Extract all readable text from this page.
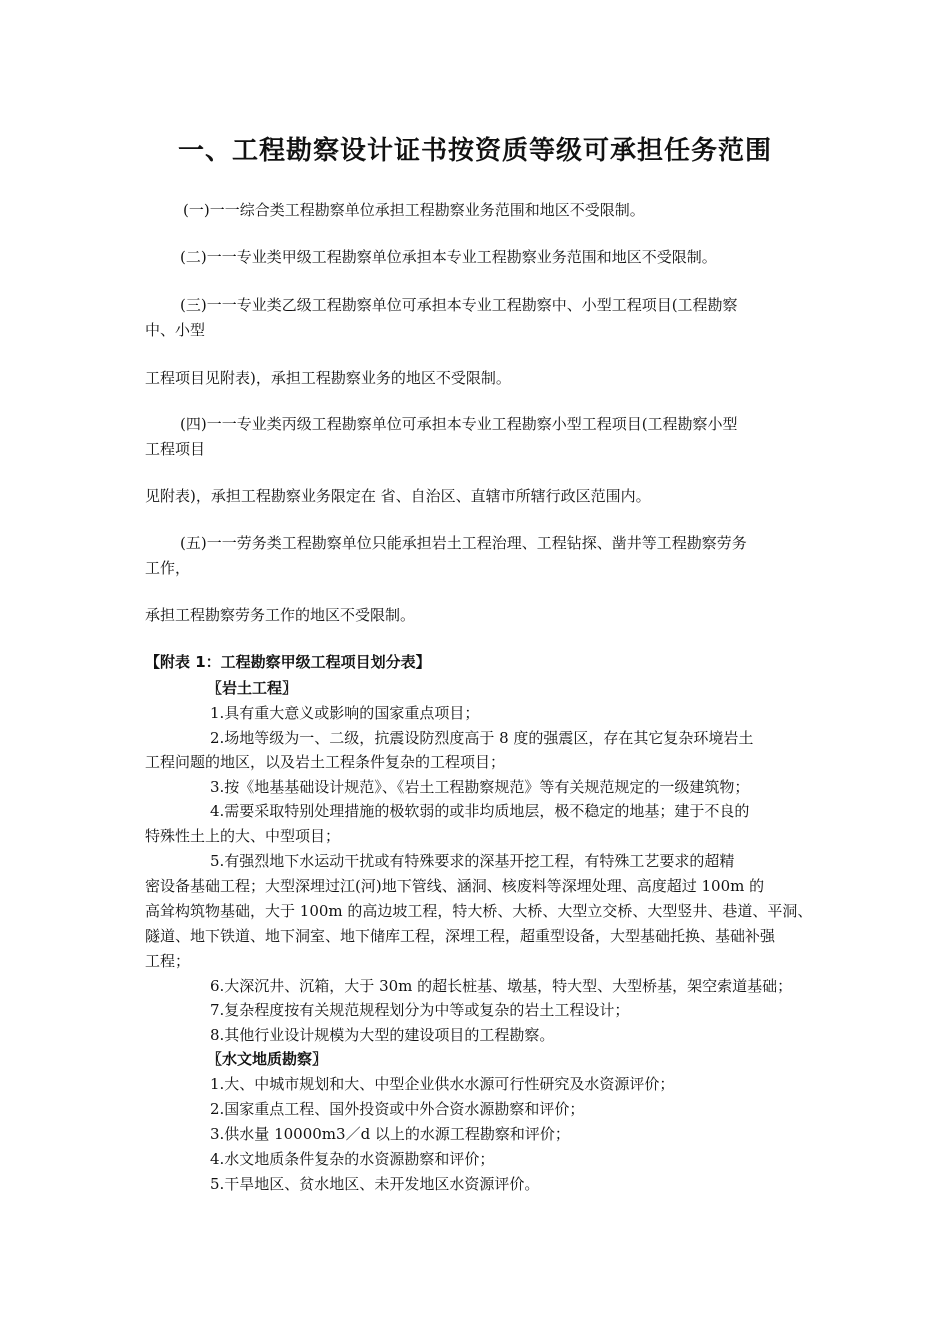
一、工程勘察设计证书按资质等级可承担任务范围
(一)一一综合类工程勘察单位承担工程勘察业务范围和地区不受限制。
(二)一一专业类甲级工程勘察单位承担本专业工程勘察业务范围和地区不受限制。
(三)一一专业类乙级工程勘察单位可承担本专业工程勘察中、小型工程项目(工程勘察
中、小型
工程项目见附表)，承担工程勘察业务的地区不受限制。
(四)一一专业类丙级工程勘察单位可承担本专业工程勘察小型工程项目(工程勘察小型
工程项目
见附表)，承担工程勘察业务限定在 省、自治区、直辖市所辖行政区范围内。
(五)一一劳务类工程勘察单位只能承担岩土工程治理、工程钻探、凿井等工程勘察劳务
工作，
承担工程勘察劳务工作的地区不受限制。
【附表 1：工程勘察甲级工程项目划分表】
〖岩土工程〗
1.具有重大意义或影响的国家重点项目；
2.场地等级为一、二级，抗震设防烈度高于 8 度的强震区，存在其它复杂环境岩土
工程问题的地区，以及岩土工程条件复杂的工程项目；
3.按《地基基础设计规范》、《岩土工程勘察规范》等有关规范规定的一级建筑物；
4.需要采取特别处理措施的极软弱的或非均质地层，极不稳定的地基；建于不良的
特殊性土上的大、中型项目；
5.有强烈地下水运动干扰或有特殊要求的深基开挖工程，有特殊工艺要求的超精
密设备基础工程；大型深埋过江(河)地下管线、涵洞、核废料等深埋处理、高度超过 100m 的
高耸构筑物基础，大于 100m 的高边坡工程，特大桥、大桥、大型立交桥、大型竖井、巷道、平洞、
隧道、地下铁道、地下洞室、地下储库工程，深埋工程，超重型设备，大型基础托换、基础补强
工程；
6.大深沉井、沉箱，大于 30m 的超长桩基、墩基，特大型、大型桥基，架空索道基础；
7.复杂程度按有关规范规程划分为中等或复杂的岩土工程设计；
8.其他行业设计规模为大型的建设项目的工程勘察。
〖水文地质勘察〗
1.大、中城市规划和大、中型企业供水水源可行性研究及水资源评价；
2.国家重点工程、国外投资或中外合资水源勘察和评价；
3.供水量 10000m3／d 以上的水源工程勘察和评价；
4.水文地质条件复杂的水资源勘察和评价；
5.干旱地区、贫水地区、未开发地区水资源评价。
